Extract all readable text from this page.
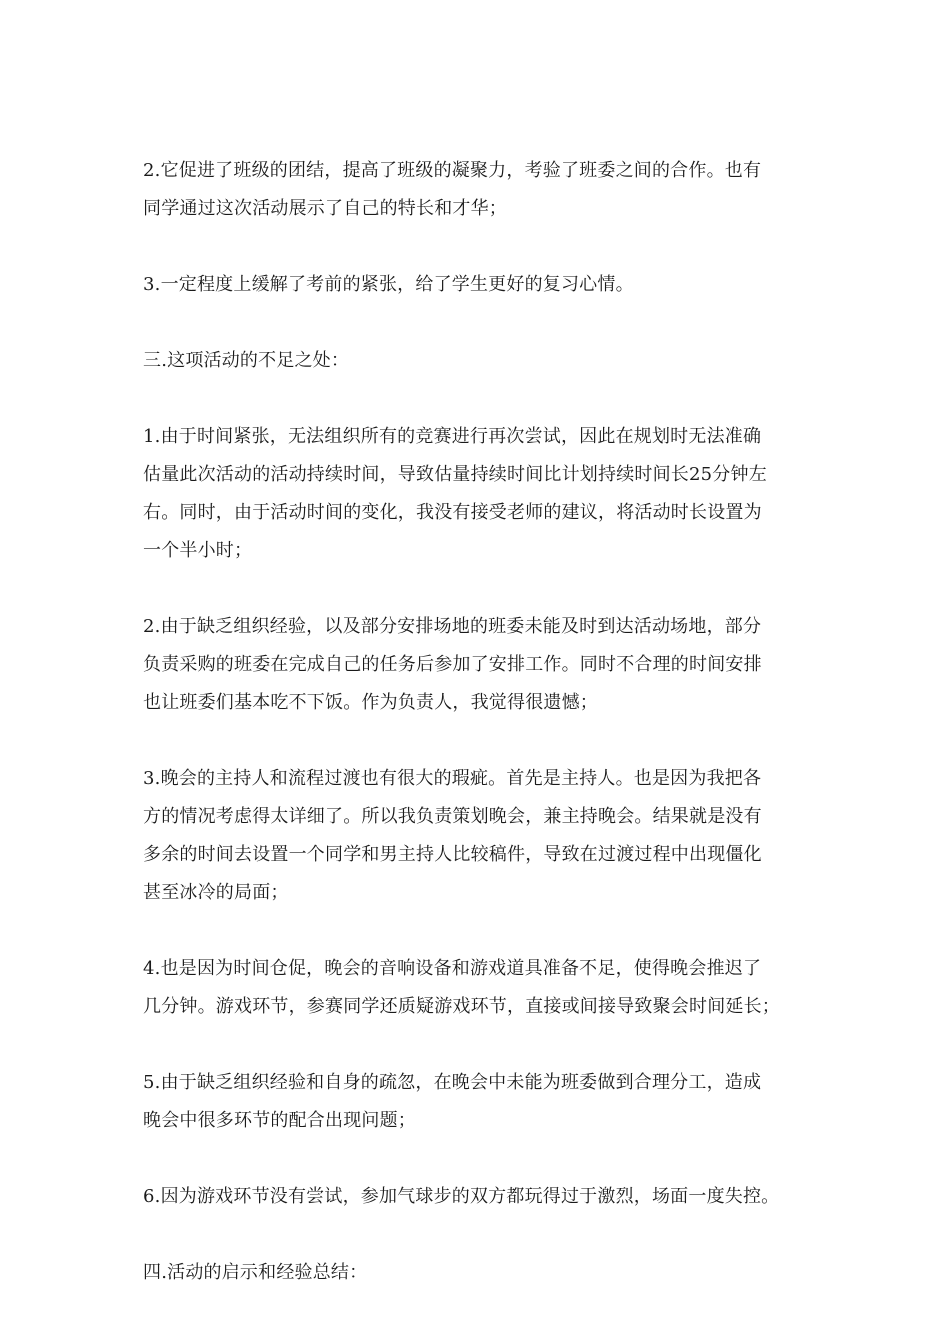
2.它促进了班级的团结，提高了班级的凝聚力，考验了班委之间的合作。也有
同学通过这次活动展示了自己的特长和才华；

3.一定程度上缓解了考前的紧张，给了学生更好的复习心情。

三.这项活动的不足之处：

1.由于时间紧张，无法组织所有的竞赛进行再次尝试，因此在规划时无法准确
估量此次活动的活动持续时间，导致估量持续时间比计划持续时间长25分钟左
右。同时，由于活动时间的变化，我没有接受老师的建议，将活动时长设置为
一个半小时；

2.由于缺乏组织经验，以及部分安排场地的班委未能及时到达活动场地，部分
负责采购的班委在完成自己的任务后参加了安排工作。同时不合理的时间安排
也让班委们基本吃不下饭。作为负责人，我觉得很遗憾；

3.晚会的主持人和流程过渡也有很大的瑕疵。首先是主持人。也是因为我把各
方的情况考虑得太详细了。所以我负责策划晚会，兼主持晚会。结果就是没有
多余的时间去设置一个同学和男主持人比较稿件，导致在过渡过程中出现僵化
甚至冰冷的局面；

4.也是因为时间仓促，晚会的音响设备和游戏道具准备不足，使得晚会推迟了
几分钟。游戏环节，参赛同学还质疑游戏环节，直接或间接导致聚会时间延长；

5.由于缺乏组织经验和自身的疏忽，在晚会中未能为班委做到合理分工，造成
晚会中很多环节的配合出现问题；

6.因为游戏环节没有尝试，参加气球步的双方都玩得过于激烈，场面一度失控。

四.活动的启示和经验总结：
